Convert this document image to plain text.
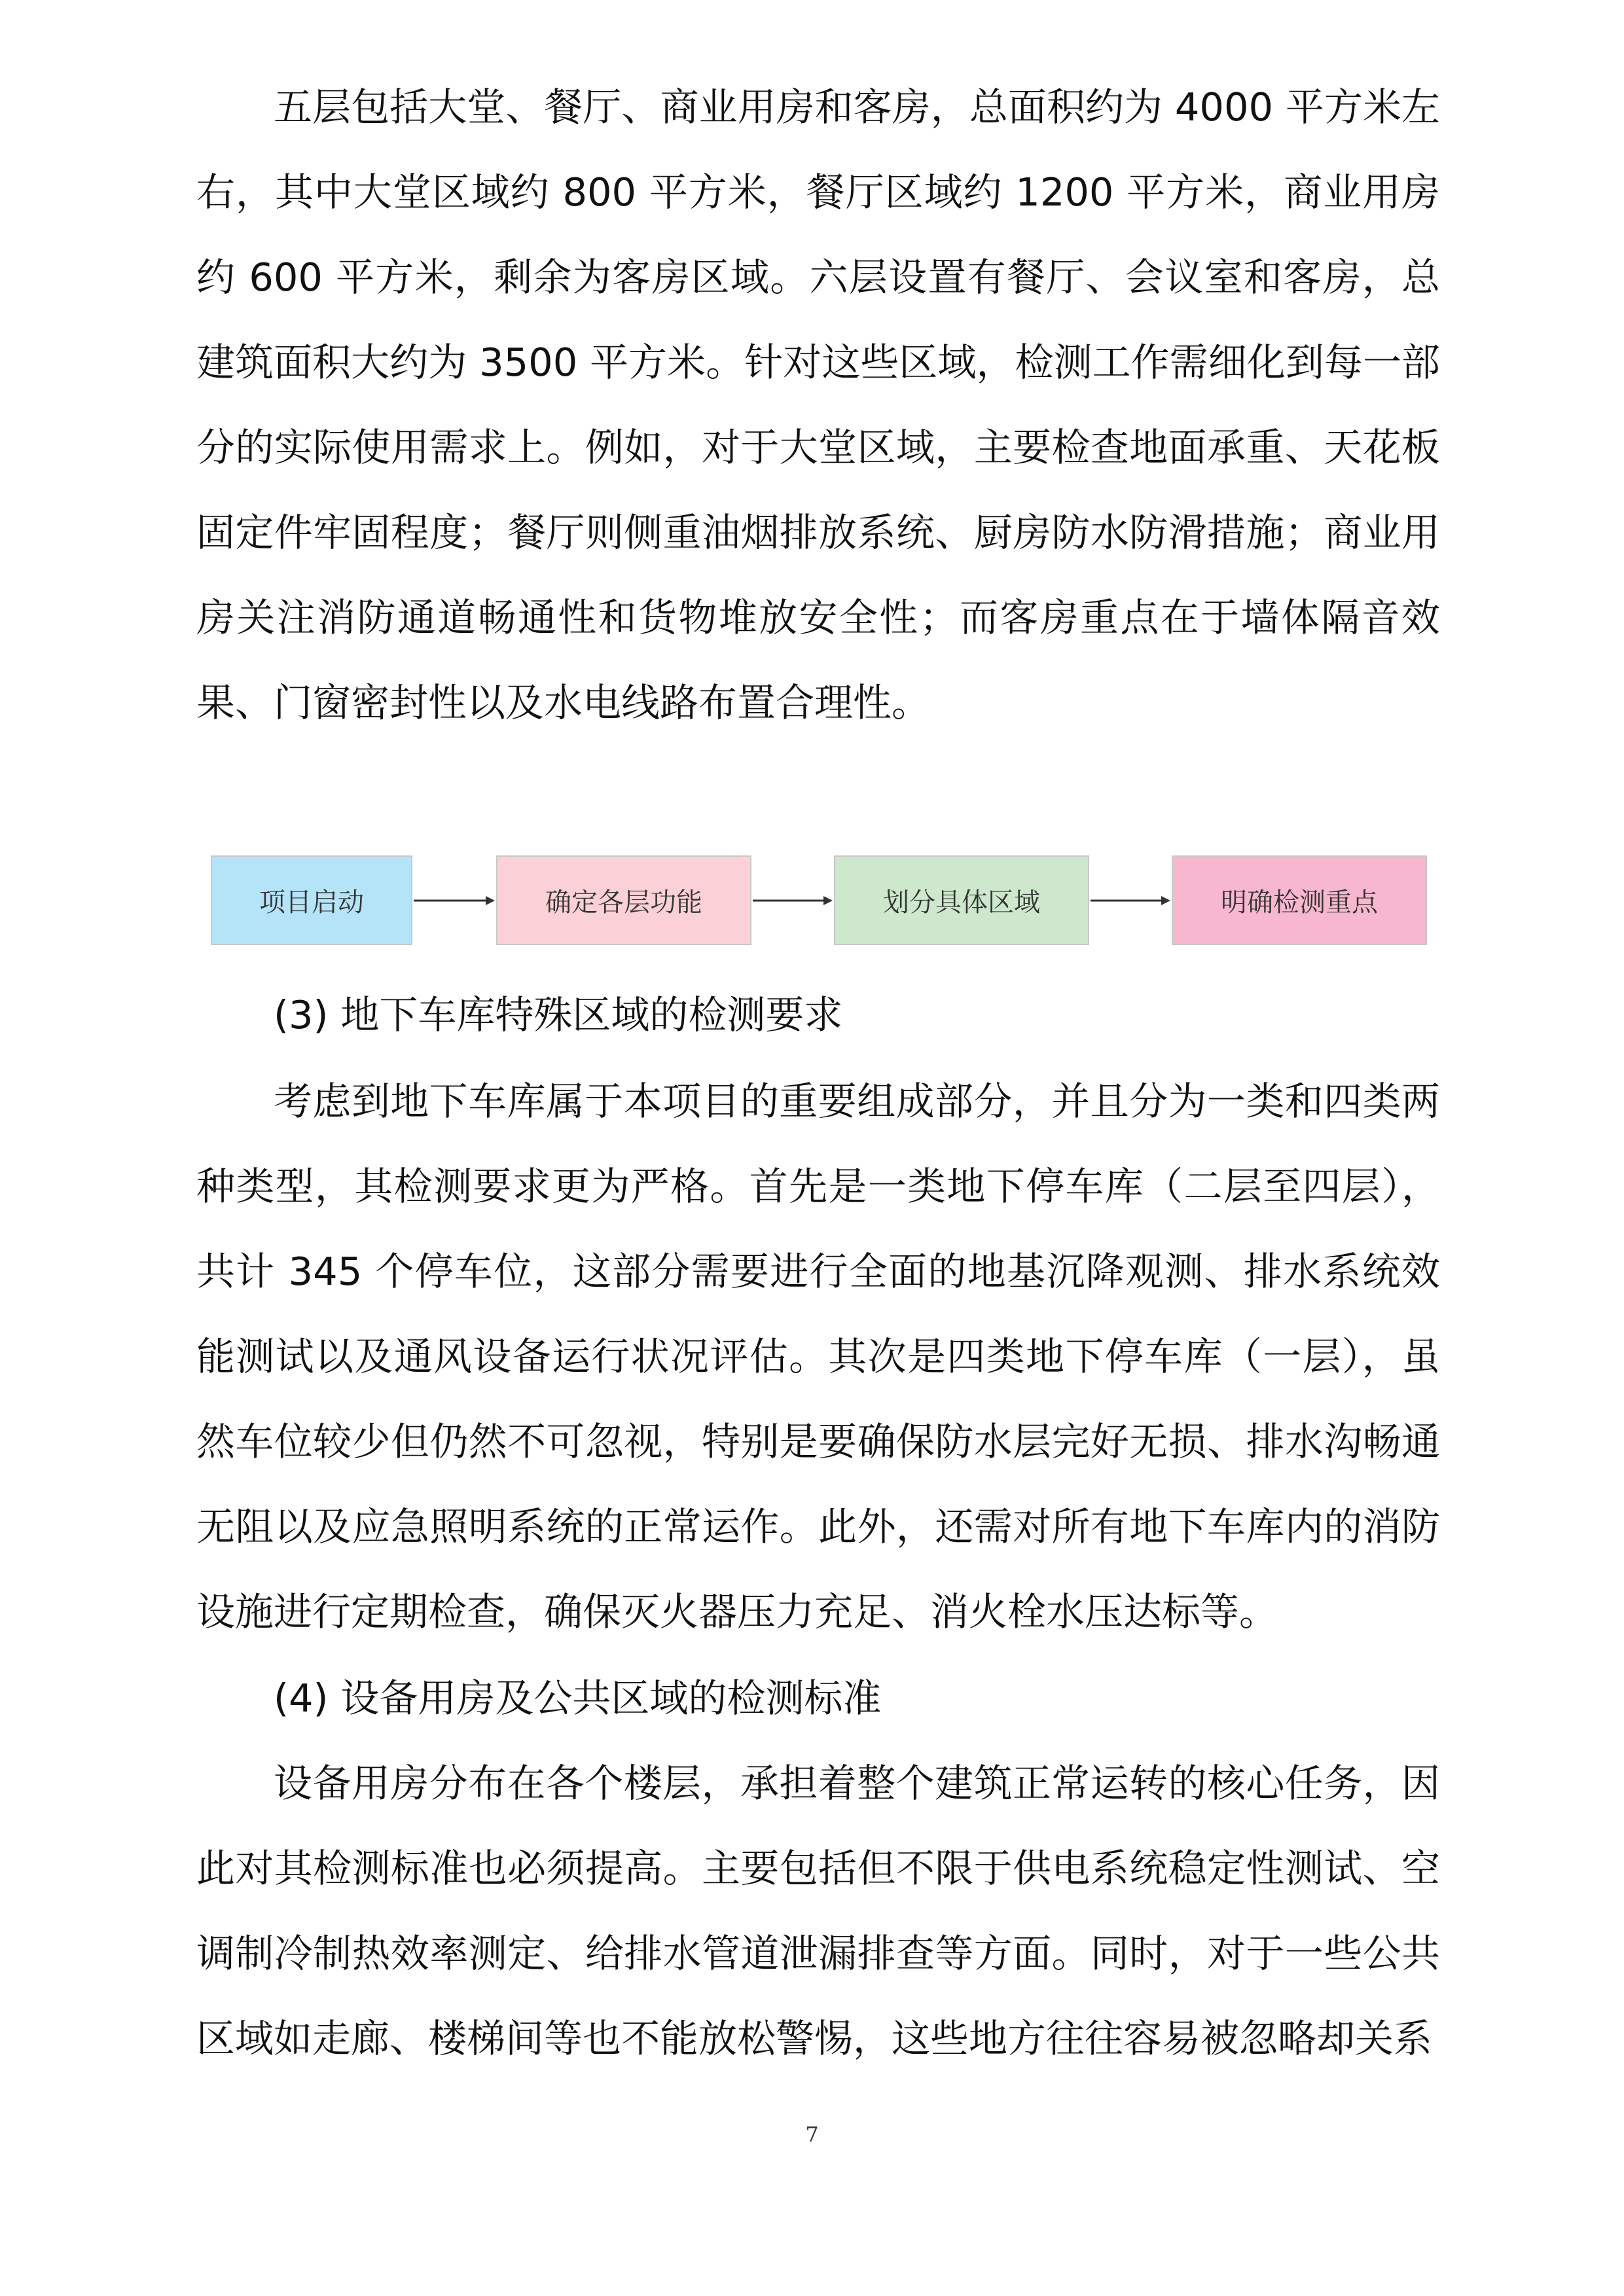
五层包括大堂、餐厅、商业用房和客房，总面积约为 4000 平方米左右，其中大堂区域约 800 平方米，餐厅区域约 1200 平方米，商业用房约 600 平方米，剩余为客房区域。六层设置有餐厅、会议室和客房，总建筑面积大约为 3500 平方米。针对这些区域，检测工作需细化到每一部分的实际使用需求上。例如，对于大堂区域，主要检查地面承重、天花板固定件牢固程度；餐厅则侧重油烟排放系统、厨房防水防滑措施；商业用房关注消防通道畅通性和货物堆放安全性；而客房重点在于墙体隔音效果、门窗密封性以及水电线路布置合理性。

项目启动	确定各层功能	划分具体区域	明确检测重点

(3) 地下车库特殊区域的检测要求

考虑到地下车库属于本项目的重要组成部分，并且分为一类和四类两种类型，其检测要求更为严格。首先是一类地下停车库（二层至四层），共计 345 个停车位，这部分需要进行全面的地基沉降观测、排水系统效能测试以及通风设备运行状况评估。其次是四类地下停车库（一层），虽然车位较少但仍然不可忽视，特别是要确保防水层完好无损、排水沟畅通无阻以及应急照明系统的正常运作。此外，还需对所有地下车库内的消防设施进行定期检查，确保灭火器压力充足、消火栓水压达标等。

(4) 设备用房及公共区域的检测标准

设备用房分布在各个楼层，承担着整个建筑正常运转的核心任务，因此对其检测标准也必须提高。主要包括但不限于供电系统稳定性测试、空调制冷制热效率测定、给排水管道泄漏排查等方面。同时，对于一些公共区域如走廊、楼梯间等也不能放松警惕，这些地方往往容易被忽略却关系

7
